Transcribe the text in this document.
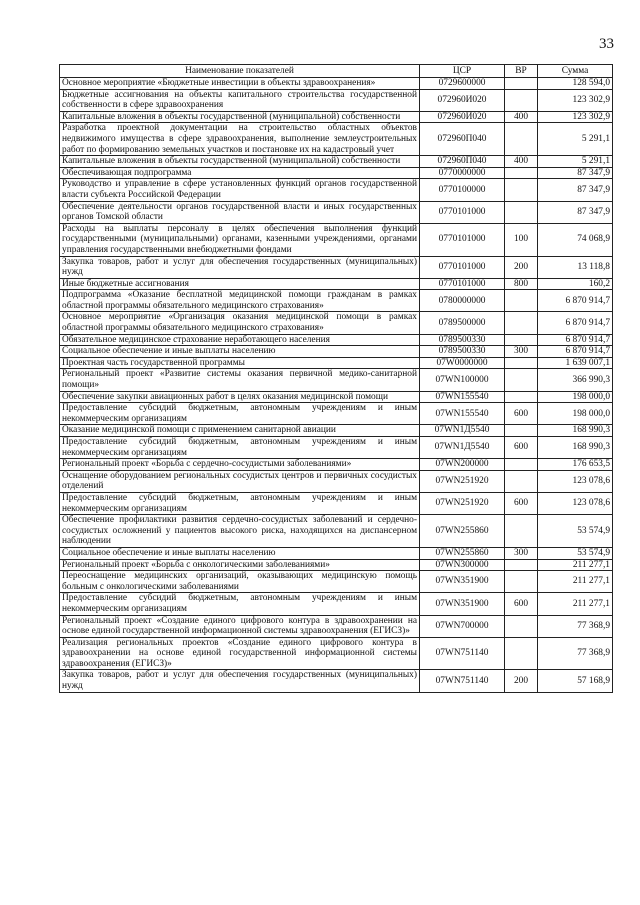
33
Наименование показателей	ЦСР	ВР	Сумма
Основное мероприятие «Бюджетные инвестиции в объекты здравоохранения»	0729600000		128 594,0
Бюджетные ассигнования на объекты капитального строительства государственной собственности в сфере здравоохранения	072960И020		123 302,9
Капитальные вложения в объекты государственной (муниципальной) собственности	072960И020	400	123 302,9
Разработка проектной документации на строительство областных объектов недвижимого имущества в сфере здравоохранения, выполнение землеустроительных работ по формированию земельных участков и постановке их на кадастровый учет	072960П040		5 291,1
Капитальные вложения в объекты государственной (муниципальной) собственности	072960П040	400	5 291,1
Обеспечивающая подпрограмма	0770000000		87 347,9
Руководство и управление в сфере установленных функций органов государственной власти субъекта Российской Федерации	0770100000		87 347,9
Обеспечение деятельности органов государственной власти и иных государственных органов Томской области	0770101000		87 347,9
Расходы на выплаты персоналу в целях обеспечения выполнения функций государственными (муниципальными) органами, казенными учреждениями, органами управления государственными внебюджетными фондами	0770101000	100	74 068,9
Закупка товаров, работ и услуг для обеспечения государственных (муниципальных) нужд	0770101000	200	13 118,8
Иные бюджетные ассигнования	0770101000	800	160,2
Подпрограмма «Оказание бесплатной медицинской помощи гражданам в рамках областной программы обязательного медицинского страхования»	0780000000		6 870 914,7
Основное мероприятие «Организация оказания медицинской помощи в рамках областной программы обязательного медицинского страхования»	0789500000		6 870 914,7
Обязательное медицинское страхование неработающего населения	0789500330		6 870 914,7
Социальное обеспечение и иные выплаты населению	0789500330	300	6 870 914,7
Проектная часть государственной программы	07W0000000		1 639 007,1
Региональный проект «Развитие системы оказания первичной медико-санитарной помощи»	07WN100000		366 990,3
Обеспечение закупки авиационных работ в целях оказания медицинской помощи	07WN155540		198 000,0
Предоставление субсидий бюджетным, автономным учреждениям и иным некоммерческим организациям	07WN155540	600	198 000,0
Оказание медицинской помощи с применением санитарной авиации	07WN1Д5540		168 990,3
Предоставление субсидий бюджетным, автономным учреждениям и иным некоммерческим организациям	07WN1Д5540	600	168 990,3
Региональный проект «Борьба с сердечно-сосудистыми заболеваниями»	07WN200000		176 653,5
Оснащение оборудованием региональных сосудистых центров и первичных сосудистых отделений	07WN251920		123 078,6
Предоставление субсидий бюджетным, автономным учреждениям и иным некоммерческим организациям	07WN251920	600	123 078,6
Обеспечение профилактики развития сердечно-сосудистых заболеваний и сердечно-сосудистых осложнений у пациентов высокого риска, находящихся на диспансерном наблюдении	07WN255860		53 574,9
Социальное обеспечение и иные выплаты населению	07WN255860	300	53 574,9
Региональный проект «Борьба с онкологическими заболеваниями»	07WN300000		211 277,1
Переоснащение медицинских организаций, оказывающих медицинскую помощь больным с онкологическими заболеваниями	07WN351900		211 277,1
Предоставление субсидий бюджетным, автономным учреждениям и иным некоммерческим организациям	07WN351900	600	211 277,1
Региональный проект «Создание единого цифрового контура в здравоохранении на основе единой государственной информационной системы здравоохранения (ЕГИСЗ)»	07WN700000		77 368,9
Реализация региональных проектов «Создание единого цифрового контура в здравоохранении на основе единой государственной информационной системы здравоохранения (ЕГИСЗ)»	07WN751140		77 368,9
Закупка товаров, работ и услуг для обеспечения государственных (муниципальных) нужд	07WN751140	200	57 168,9
